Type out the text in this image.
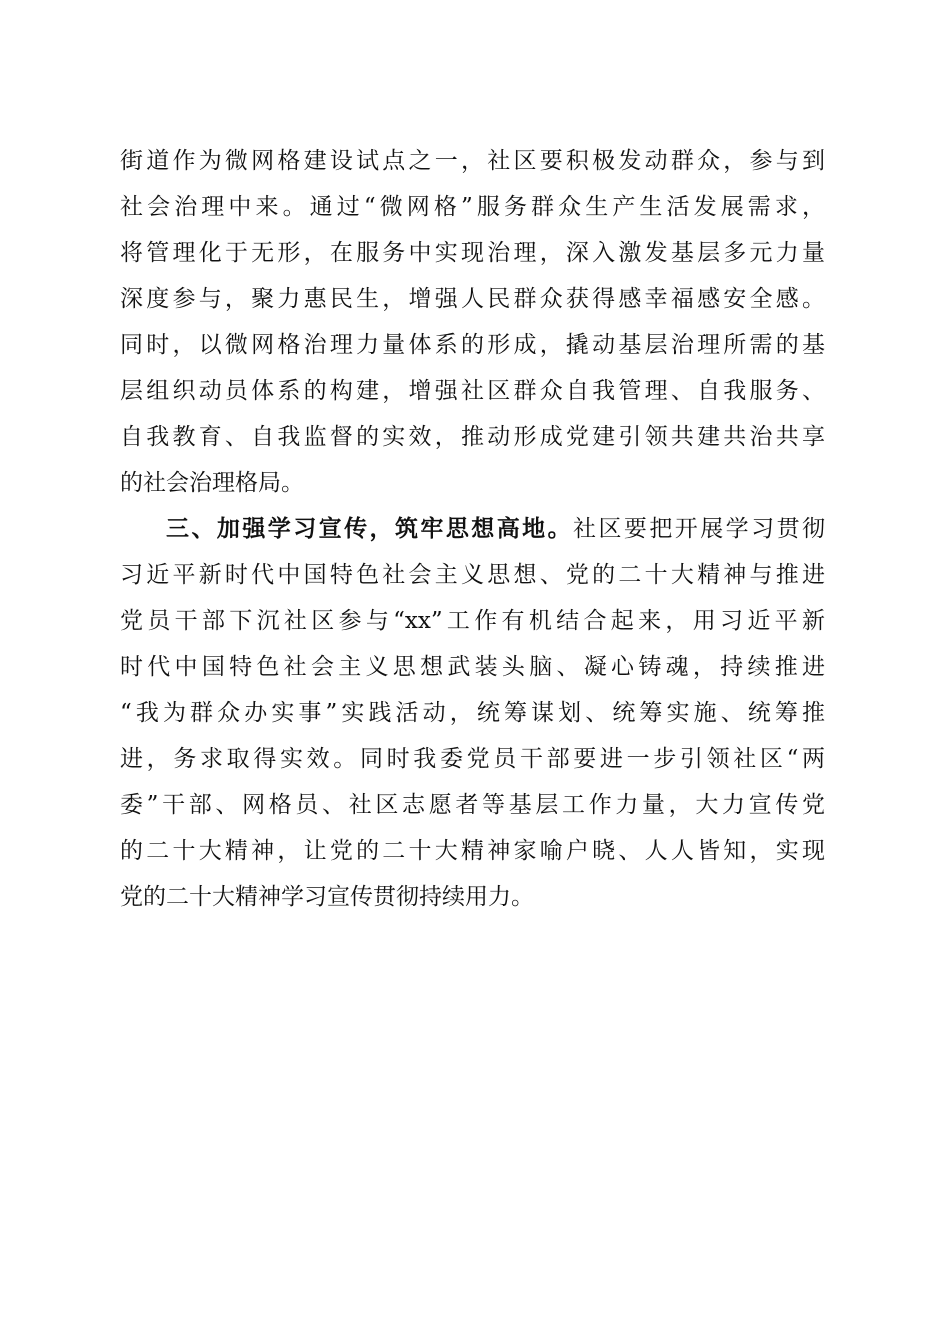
街道作为微网格建设试点之一，社区要积极发动群众，参与到
社会治理中来。通过“微网格”服务群众生产生活发展需求，
将管理化于无形，在服务中实现治理，深入激发基层多元力量
深度参与，聚力惠民生，增强人民群众获得感幸福感安全感。
同时，以微网格治理力量体系的形成，撬动基层治理所需的基
层组织动员体系的构建，增强社区群众自我管理、自我服务、
自我教育、自我监督的实效，推动形成党建引领共建共治共享
的社会治理格局。
三、加强学习宣传，筑牢思想高地。社区要把开展学习贯彻
习近平新时代中国特色社会主义思想、党的二十大精神与推进
党员干部下沉社区参与“xx”工作有机结合起来，用习近平新
时代中国特色社会主义思想武装头脑、凝心铸魂，持续推进
“我为群众办实事”实践活动，统筹谋划、统筹实施、统筹推
进，务求取得实效。同时我委党员干部要进一步引领社区“两
委”干部、网格员、社区志愿者等基层工作力量，大力宣传党
的二十大精神，让党的二十大精神家喻户晓、人人皆知，实现
党的二十大精神学习宣传贯彻持续用力。
